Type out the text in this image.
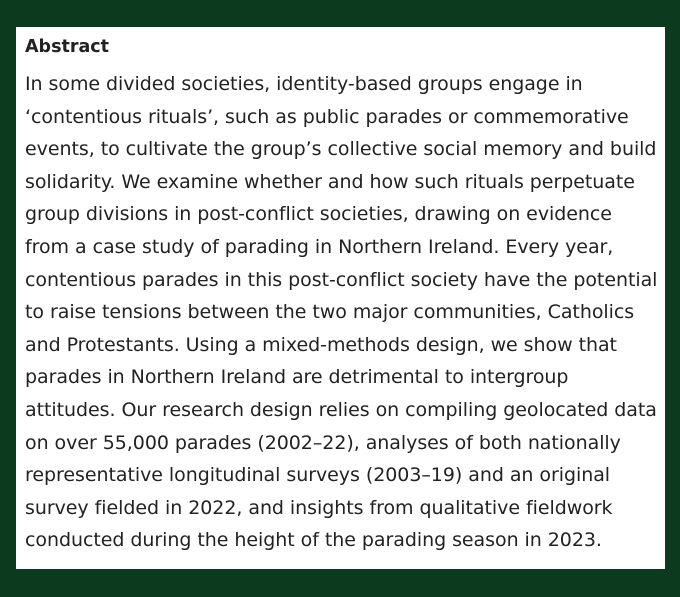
Abstract

In some divided societies, identity-based groups engage in
‘contentious rituals’, such as public parades or commemorative
events, to cultivate the group’s collective social memory and build
solidarity. We examine whether and how such rituals perpetuate
group divisions in post-conflict societies, drawing on evidence
from a case study of parading in Northern Ireland. Every year,
contentious parades in this post-conflict society have the potential
to raise tensions between the two major communities, Catholics
and Protestants. Using a mixed-methods design, we show that
parades in Northern Ireland are detrimental to intergroup
attitudes. Our research design relies on compiling geolocated data
on over 55,000 parades (2002–22), analyses of both nationally
representative longitudinal surveys (2003–19) and an original
survey fielded in 2022, and insights from qualitative fieldwork
conducted during the height of the parading season in 2023.
